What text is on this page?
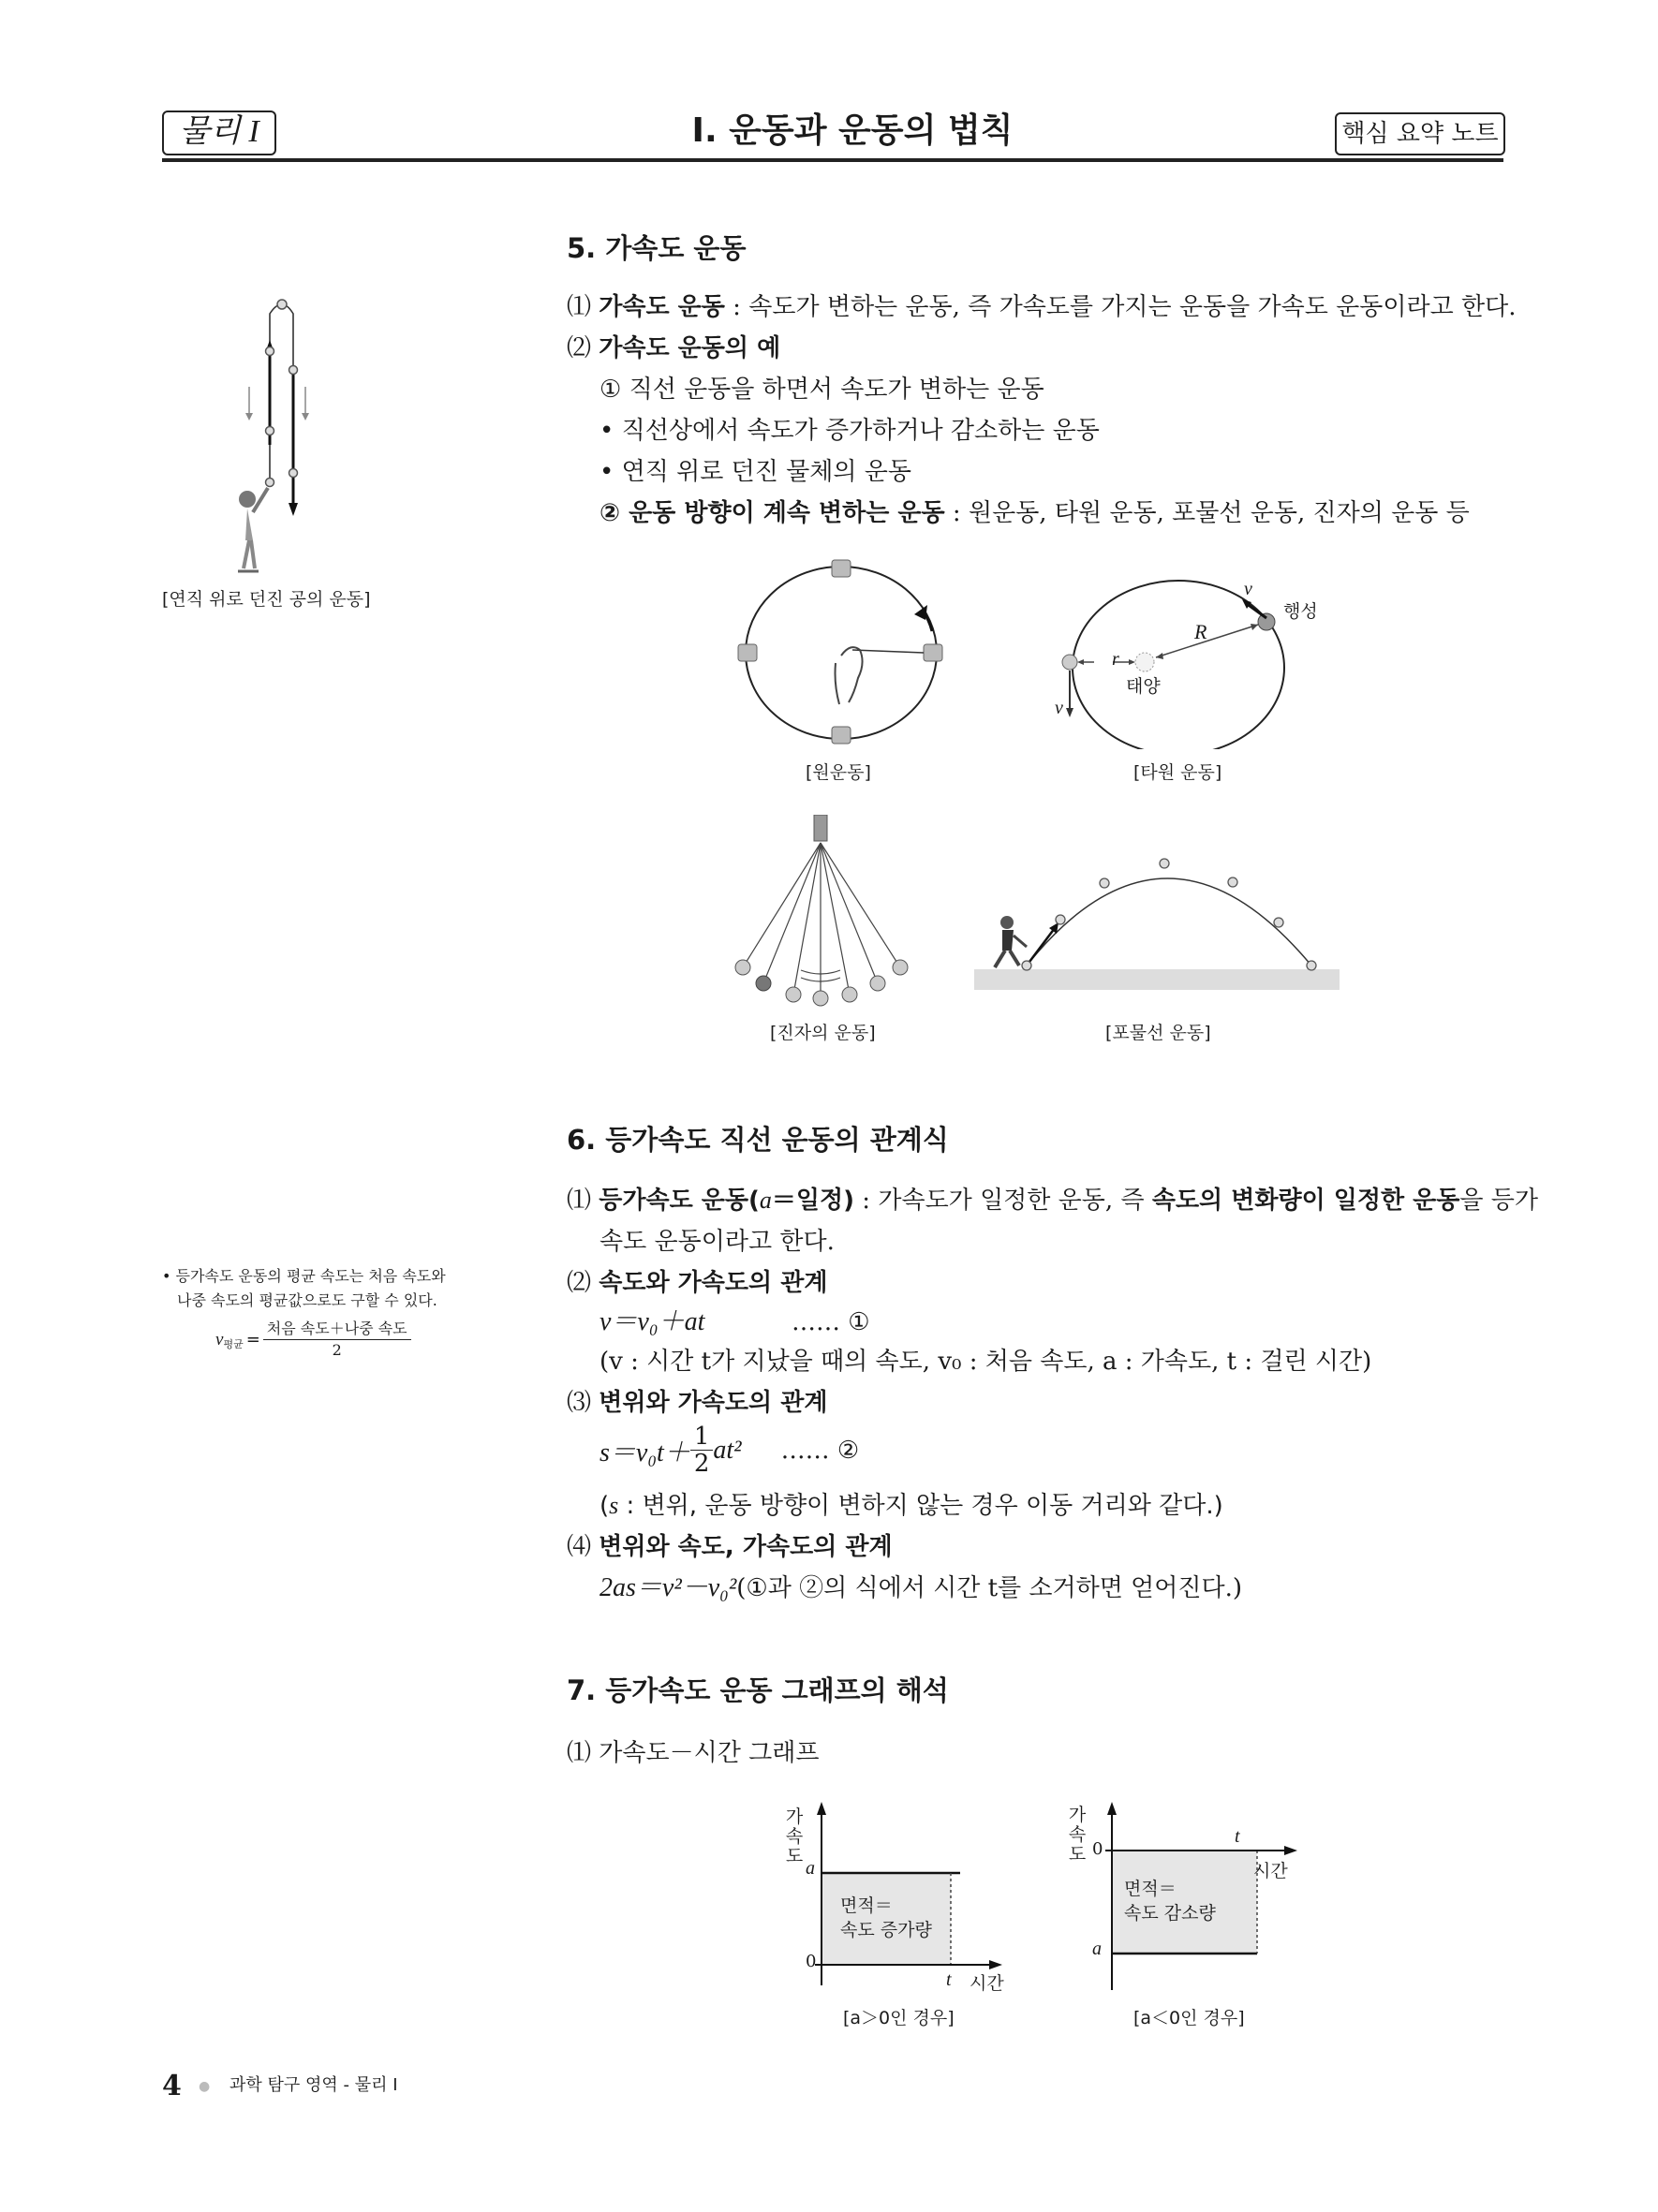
물리 I	Ⅰ. 운동과 운동의 법칙	핵심 요약 노트
[연직 위로 던진 공의 운동]
• 등가속도 운동의 평균 속도는 처음 속도와
나중 속도의 평균값으로도 구할 수 있다.
v 평균 = $\frac{\text{처음 속도＋나중 속도}}{2}$
5. 가속도 운동
⑴ 가속도 운동 : 속도가 변하는 운동, 즉 가속도를 가지는 운동을 가속도 운동이라고 한다.
⑵ 가속도 운동의 예
① 직선 운동을 하면서 속도가 변하는 운동
• 직선상에서 속도가 증가하거나 감소하는 운동
• 연직 위로 던진 물체의 운동
② 운동 방향이 계속 변하는 운동 : 원운동, 타원 운동, 포물선 운동, 진자의 운동 등
[원운동]
r
R
v
v
행성
태양
[타원 운동]
[진자의 운동]	[포물선 운동]
6. 등가속도 직선 운동의 관계식
⑴ 등가속도 운동(a＝일정) : 가속도가 일정한 운동, 즉 속도의 변화량이 일정한 운동을 등가
속도 운동이라고 한다.
⑵ 속도와 가속도의 관계
v＝v₀＋at	…… ①
(v : 시간 t가 지났을 때의 속도, v₀ : 처음 속도, a : 가속도, t : 걸린 시간)
⑶ 변위와 가속도의 관계
$s=v_0t+ \frac{1}{2} at^2$ …… ②
(s : 변위, 운동 방향이 변하지 않는 경우 이동 거리와 같다.)
⑷ 변위와 속도, 가속도의 관계
2as＝v²－v₀²(①과 ②의 식에서 시간 t를 소거하면 얻어진다.)
7. 등가속도 운동 그래프의 해석
⑴ 가속도－시간 그래프
가
속
도
a
0
t 시간
면적＝
속도 증가량
[a＞0인 경우]
가
속
도 0
a
t
시간
면적＝
속도 감소량
[a＜0인 경우]
4 ● 과학 탐구 영역 - 물리 Ⅰ
